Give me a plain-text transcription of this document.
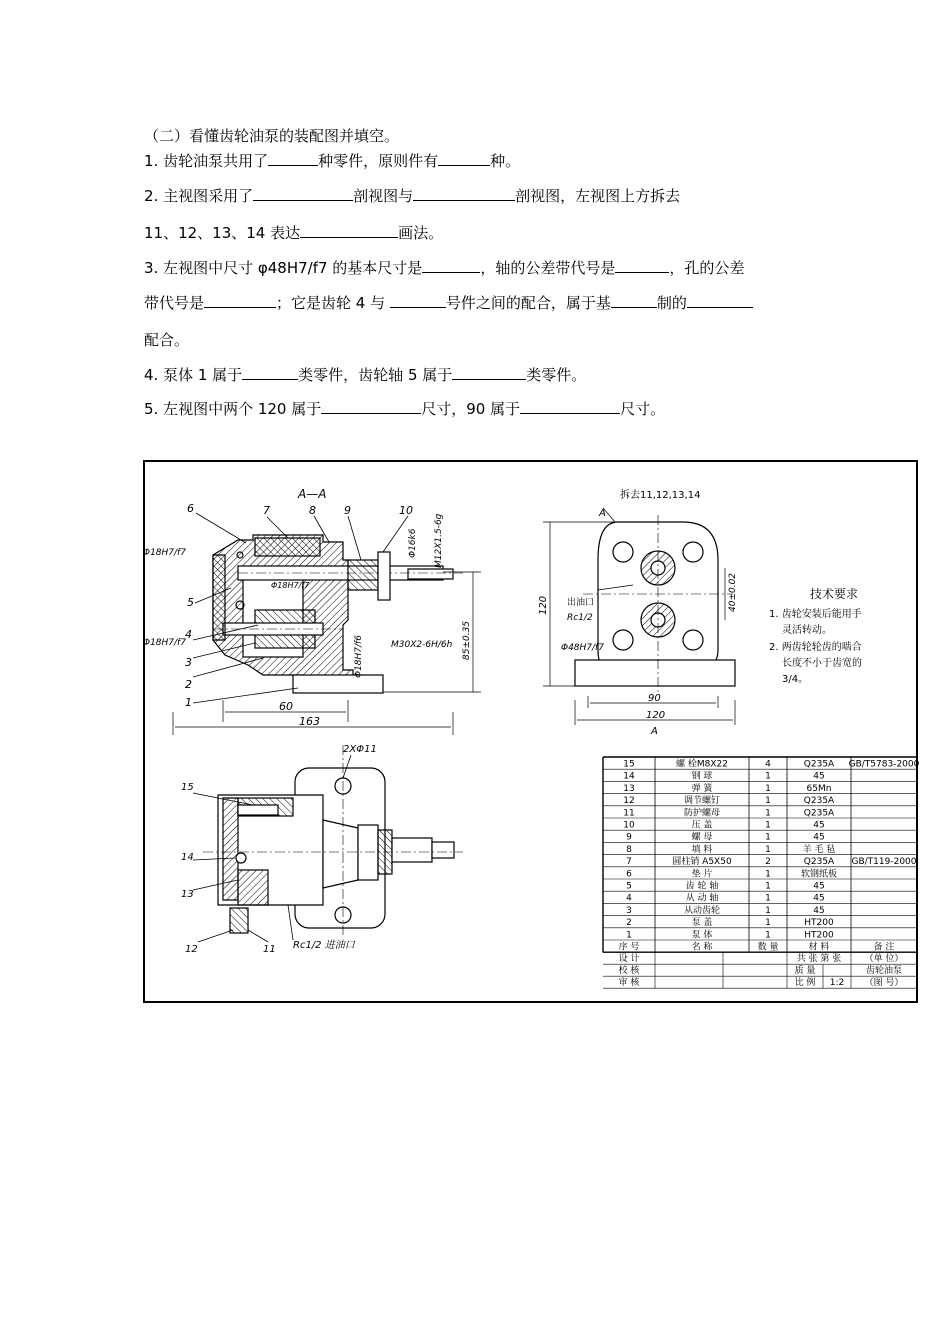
（二）看懂齿轮油泵的装配图并填空。
1. 齿轮油泵共用了	种零件，原则件有	种。
2. 主视图采用了	剖视图与	剖视图，左视图上方拆去
11、12、13、14 表达	画法。
3. 左视图中尺寸 φ48H7/f7 的基本尺寸是	，轴的公差带代号是	，孔的公差
带代号是	；它是齿轮 4 与	号件之间的配合，属于基	制的
配合。
4. 泵体 1 属于	类零件，齿轮轴 5 属于	类零件。
5. 左视图中两个 120 属于	尺寸，90 属于	尺寸。
A—A
6	7	8	9	10
5
4
3
2
1
Φ18H7/f7
Φ18H7/f7
Φ18H7/f7
Φ18H7/f6
Φ16k6 M12X1.5-6g
M30X2-6H/6h 85±0.35
60
163
拆去11,12,13,14
A
120	40±0.02
出油口
Rc1/2
Φ48H7/f7
90
120
A
技术要求
1. 齿轮安装后能用手
灵活转动。
2. 两齿轮轮齿的啮合
长度不小于齿宽的
3/4。
2XΦ11
15
14
13
12	11 Rc1/2 进油口
15	螺 栓M8X22	4	Q235A GB/T5783-2000
14	钢 球	1	45
13	弹 簧	1	65Mn
12	调节螺钉	1	Q235A
11	防护螺母	1	Q235A
10	压 盖	1	45
9	螺 母	1	45
8	填 料	1	羊 毛 毡
7	圆柱销 A5X50	2	Q235A GB/T119-2000
6	垫 片	1	软钢纸板
5	齿 轮 轴	1	45
4	从 动 轴	1	45
3	从动齿轮	1	45
2	泵 盖	1	HT200
1	泵 体	1	HT200
序 号	名 称	数 量	材 料	备 注
设 计
校 核
审 核
共 张 第 张	（单 位）
质 量	齿轮油泵
比 例 1:2 （图 号）
